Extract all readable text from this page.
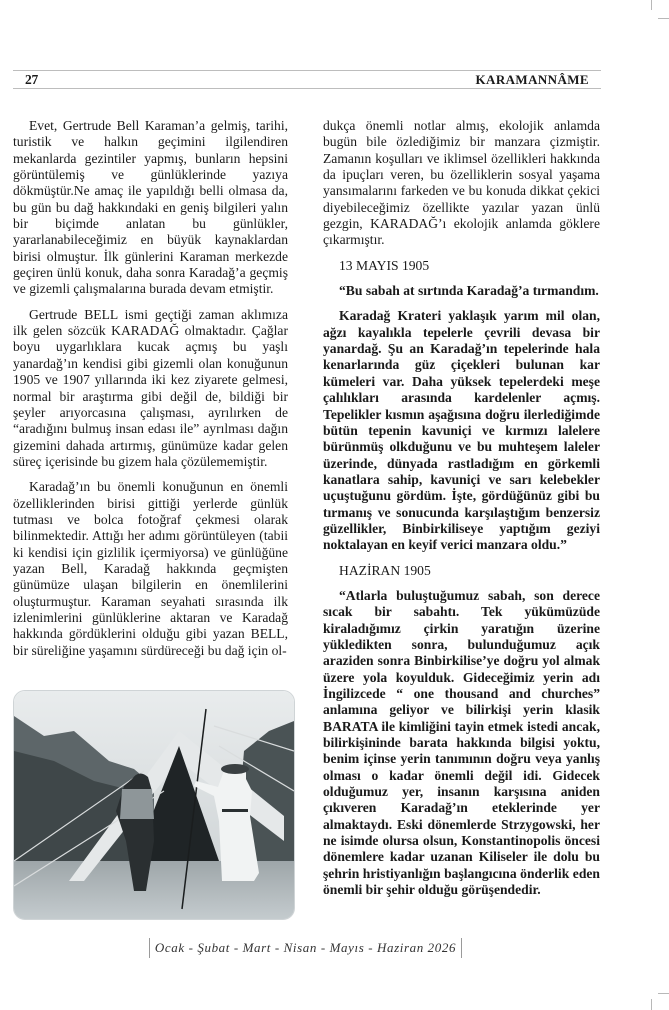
27	KARAMANNÂME

Evet, Gertrude Bell Karaman’a gelmiş, tarihi, turistik ve halkın geçimini ilgilendiren mekanlarda gezintiler yapmış, bunların hepsini görüntülemiş ve günlüklerinde yazıya dökmüştür.Ne amaç ile yapıldığı belli olmasa da, bu gün bu dağ hakkındaki en geniş bilgileri yalın bir biçimde anlatan bu günlükler, yararlanabileceğimiz en büyük kaynaklardan birisi olmuştur. İlk günlerini Karaman merkezde geçiren ünlü konuk, daha sonra Karadağ’a geçmiş ve gizemli çalışmalarına burada devam etmiştir.

Gertrude BELL ismi geçtiği zaman aklımıza ilk gelen sözcük KARADAĞ olmaktadır. Çağlar boyu uygarlıklara kucak açmış bu yaşlı yanardağ’ın kendisi gibi gizemli olan konuğunun 1905 ve 1907 yıllarında iki kez ziyarete gelmesi, normal bir araştırma gibi değil de, bildiği bir şeyler arıyorcasına çalışması, ayrılırken de “aradığını bulmuş insan edası ile” ayrılması dağın gizemini dahada artırmış, günümüze kadar gelen süreç içerisinde bu gizem hala çözülememiştir.

Karadağ’ın bu önemli konuğunun en önemli özelliklerinden birisi gittiği yerlerde günlük tutması ve bolca fotoğraf çekmesi olarak bilinmektedir. Attığı her adımı görüntüleyen (tabii ki kendisi için gizlilik içermiyorsa) ve günlüğüne yazan Bell, Karadağ hakkında geçmişten günümüze ulaşan bilgilerin en önemlilerini oluşturmuştur. Karaman seyahati sırasında ilk izlenimlerini günlüklerine aktaran ve Karadağ hakkında gördüklerini olduğu gibi yazan BELL, bir süreliğine yaşamını sürdüreceği bu dağ için ol-

dukça önemli notlar almış, ekolojik anlamda bugün bile özlediğimiz bir manzara çizmiştir. Zamanın koşulları ve iklimsel özellikleri hakkında da ipuçları veren, bu özelliklerin sosyal yaşama yansımalarını farkeden ve bu konuda dikkat çekici diyebileceğimiz özellikte yazılar yazan ünlü gezgin, KARADAĞ’ı ekolojik anlamda göklere çıkarmıştır.

13 MAYIS 1905

“Bu sabah at sırtında Karadağ’a tırmandım.

Karadağ Krateri yaklaşık yarım mil olan, ağzı kayalıkla tepelerle çevrili devasa bir yanardağ. Şu an Karadağ’ın tepelerinde hala kenarlarında güz çiçekleri bulunan kar kümeleri var. Daha yüksek tepelerdeki meşe çalılıkları arasında kardelenler açmış. Tepelikler kısmın aşağısına doğru ilerlediğimde bütün tepenin kavuniçi ve kırmızı lalelere bürünmüş olkduğunu ve bu muhteşem laleler üzerinde, dünyada rastladığım en görkemli kanatlara sahip, kavuniçi ve sarı kelebekler uçuştuğunu gördüm. İşte, gördüğünüz gibi bu tırmanış ve sonucunda karşılaştığım benzersiz güzellikler, Binbirkiliseye yaptığım geziyi noktalayan en keyif verici manzara oldu.”

HAZİRAN 1905

“Atlarla buluştuğumuz sabah, son derece sıcak bir sabahtı. Tek yükümüzüde kiraladığımız çirkin yaratığın üzerine yükledikten sonra, bulunduğumuz açık araziden sonra Binbirkilise’ye doğru yol almak üzere yola koyulduk. Gideceğimiz yerin adı İngilizcede “ one thousand and churches” anlamına geliyor ve bilirkişi yerin klasik BARATA ile kimliğini tayin etmek istedi ancak, bilirkişininde barata hakkında bilgisi yoktu, benim içinse yerin tanımının doğru veya yanlış olması o kadar önemli değil idi. Gidecek olduğumuz yer, insanın karşısına aniden çıkıveren Karadağ’ın eteklerinde yer almaktaydı. Eski dönemlerde Strzygowski, her ne isimde olursa olsun, Konstantinopolis öncesi dönemlere kadar uzanan Kiliseler ile dolu bu şehrin hristiyanlığın başlangıcına önderlik eden önemli bir şehir olduğu görüşendedir.

Ocak - Şubat - Mart - Nisan - Mayıs - Haziran 2026
